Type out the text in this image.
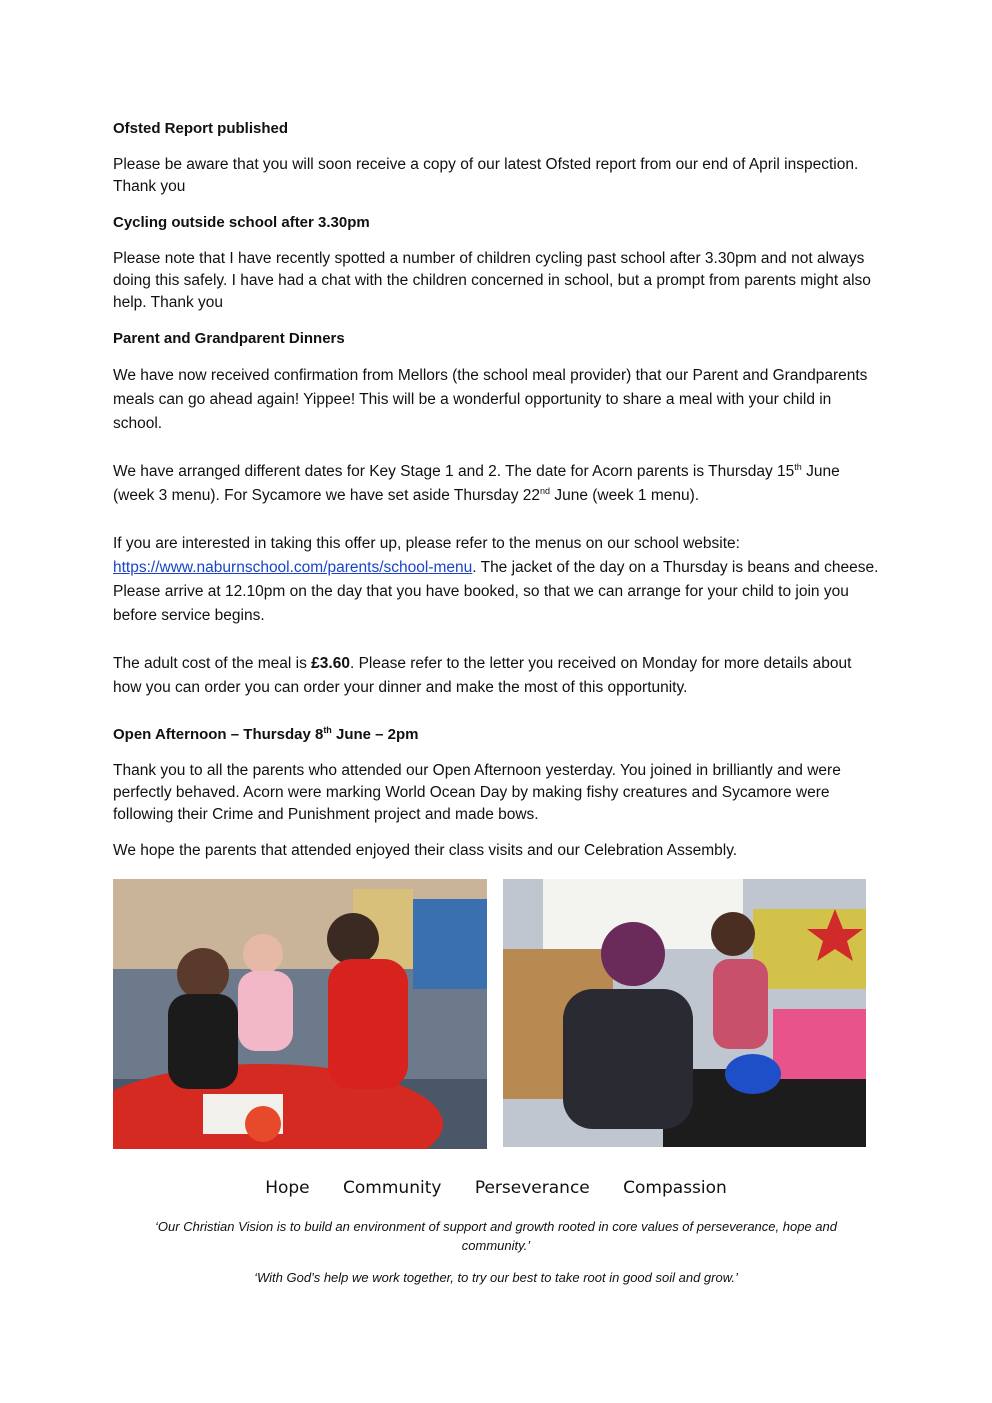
Ofsted Report published
Please be aware that you will soon receive a copy of our latest Ofsted report from our end of April inspection. Thank you
Cycling outside school after 3.30pm
Please note that I have recently spotted a number of children cycling past school after 3.30pm and not always doing this safely. I have had a chat with the children concerned in school, but a prompt from parents might also help. Thank you
Parent and Grandparent Dinners
We have now received confirmation from Mellors (the school meal provider) that our Parent and Grandparents meals can go ahead again! Yippee! This will be a wonderful opportunity to share a meal with your child in school.
We have arranged different dates for Key Stage 1 and 2. The date for Acorn parents is Thursday 15th June (week 3 menu). For Sycamore we have set aside Thursday 22nd June (week 1 menu).
If you are interested in taking this offer up, please refer to the menus on our school website: https://www.naburnschool.com/parents/school-menu. The jacket of the day on a Thursday is beans and cheese. Please arrive at 12.10pm on the day that you have booked, so that we can arrange for your child to join you before service begins.
The adult cost of the meal is £3.60. Please refer to the letter you received on Monday for more details about how you can order you can order your dinner and make the most of this opportunity.
Open Afternoon – Thursday 8th June – 2pm
Thank you to all the parents who attended our Open Afternoon yesterday. You joined in brilliantly and were perfectly behaved. Acorn were marking World Ocean Day by making fishy creatures and Sycamore were following their Crime and Punishment project and made bows.
We hope the parents that attended enjoyed their class visits and our Celebration Assembly.
Hope Community Perseverance Compassion

‘Our Christian Vision is to build an environment of support and growth rooted in core values of perseverance, hope and community.’

‘With God’s help we work together, to try our best to take root in good soil and grow.’
